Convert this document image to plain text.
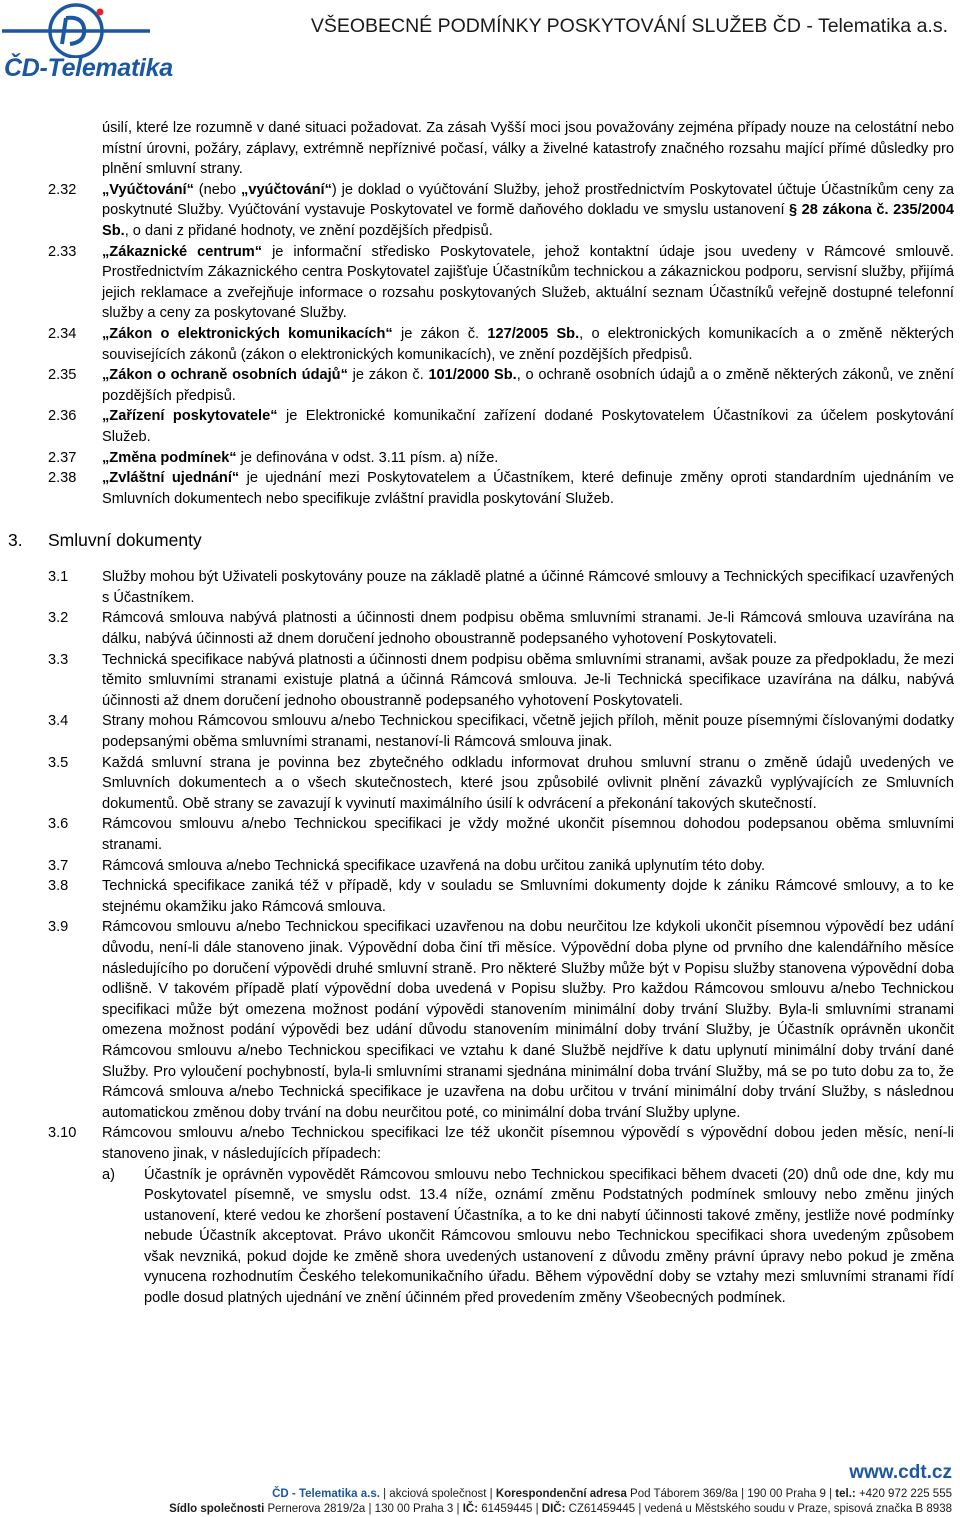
ČD-Telematika
VŠEOBECNÉ PODMÍNKY POSKYTOVÁNÍ SLUŽEB ČD - Telematika a.s.

úsilí, které lze rozumně v dané situaci požadovat. Za zásah Vyšší moci jsou považovány zejména případy nouze na celostátní nebo místní úrovni, požáry, záplavy, extrémně nepříznivé počasí, války a živelné katastrofy značného rozsahu mající přímé důsledky pro plnění smluvní strany.

2.32 „Vyúčtování“ (nebo „vyúčtování“) je doklad o vyúčtování Služby, jehož prostřednictvím Poskytovatel účtuje Účastníkům ceny za poskytnuté Služby. Vyúčtování vystavuje Poskytovatel ve formě daňového dokladu ve smyslu ustanovení § 28 zákona č. 235/2004 Sb., o dani z přidané hodnoty, ve znění pozdějších předpisů.

2.33 „Zákaznické centrum“ je informační středisko Poskytovatele, jehož kontaktní údaje jsou uvedeny v Rámcové smlouvě. Prostřednictvím Zákaznického centra Poskytovatel zajišťuje Účastníkům technickou a zákaznickou podporu, servisní služby, přijímá jejich reklamace a zveřejňuje informace o rozsahu poskytovaných Služeb, aktuální seznam Účastníků veřejně dostupné telefonní služby a ceny za poskytované Služby.

2.34 „Zákon o elektronických komunikacích“ je zákon č. 127/2005 Sb., o elektronických komunikacích a o změně některých souvisejících zákonů (zákon o elektronických komunikacích), ve znění pozdějších předpisů.

2.35 „Zákon o ochraně osobních údajů“ je zákon č. 101/2000 Sb., o ochraně osobních údajů a o změně některých zákonů, ve znění pozdějších předpisů.

2.36 „Zařízení poskytovatele“ je Elektronické komunikační zařízení dodané Poskytovatelem Účastníkovi za účelem poskytování Služeb.

2.37 „Změna podmínek“ je definována v odst. 3.11 písm. a) níže.

2.38 „Zvláštní ujednání“ je ujednání mezi Poskytovatelem a Účastníkem, které definuje změny oproti standardním ujednáním ve Smluvních dokumentech nebo specifikuje zvláštní pravidla poskytování Služeb.

3. Smluvní dokumenty

3.1 Služby mohou být Uživateli poskytovány pouze na základě platné a účinné Rámcové smlouvy a Technických specifikací uzavřených s Účastníkem.

3.2 Rámcová smlouva nabývá platnosti a účinnosti dnem podpisu oběma smluvními stranami. Je-li Rámcová smlouva uzavírána na dálku, nabývá účinnosti až dnem doručení jednoho oboustranně podepsaného vyhotovení Poskytovateli.

3.3 Technická specifikace nabývá platnosti a účinnosti dnem podpisu oběma smluvními stranami, avšak pouze za předpokladu, že mezi těmito smluvními stranami existuje platná a účinná Rámcová smlouva. Je-li Technická specifikace uzavírána na dálku, nabývá účinnosti až dnem doručení jednoho oboustranně podepsaného vyhotovení Poskytovateli.

3.4 Strany mohou Rámcovou smlouvu a/nebo Technickou specifikaci, včetně jejich příloh, měnit pouze písemnými číslovanými dodatky podepsanými oběma smluvními stranami, nestanoví-li Rámcová smlouva jinak.

3.5 Každá smluvní strana je povinna bez zbytečného odkladu informovat druhou smluvní stranu o změně údajů uvedených ve Smluvních dokumentech a o všech skutečnostech, které jsou způsobilé ovlivnit plnění závazků vyplývajících ze Smluvních dokumentů. Obě strany se zavazují k vyvinutí maximálního úsilí k odvrácení a překonání takových skutečností.

3.6 Rámcovou smlouvu a/nebo Technickou specifikaci je vždy možné ukončit písemnou dohodou podepsanou oběma smluvními stranami.

3.7 Rámcová smlouva a/nebo Technická specifikace uzavřená na dobu určitou zaniká uplynutím této doby.

3.8 Technická specifikace zaniká též v případě, kdy v souladu se Smluvními dokumenty dojde k zániku Rámcové smlouvy, a to ke stejnému okamžiku jako Rámcová smlouva.

3.9 Rámcovou smlouvu a/nebo Technickou specifikaci uzavřenou na dobu neurčitou lze kdykoli ukončit písemnou výpovědí bez udání důvodu, není-li dále stanoveno jinak. Výpovědní doba činí tři měsíce. Výpovědní doba plyne od prvního dne kalendářního měsíce následujícího po doručení výpovědi druhé smluvní straně. Pro některé Služby může být v Popisu služby stanovena výpovědní doba odlišně. V takovém případě platí výpovědní doba uvedená v Popisu služby. Pro každou Rámcovou smlouvu a/nebo Technickou specifikaci může být omezena možnost podání výpovědi stanovením minimální doby trvání Služby. Byla-li smluvními stranami omezena možnost podání výpovědi bez udání důvodu stanovením minimální doby trvání Služby, je Účastník oprávněn ukončit Rámcovou smlouvu a/nebo Technickou specifikaci ve vztahu k dané Službě nejdříve k datu uplynutí minimální doby trvání dané Služby. Pro vyloučení pochybností, byla-li smluvními stranami sjednána minimální doba trvání Služby, má se po tuto dobu za to, že Rámcová smlouva a/nebo Technická specifikace je uzavřena na dobu určitou v trvání minimální doby trvání Služby, s následnou automatickou změnou doby trvání na dobu neurčitou poté, co minimální doba trvání Služby uplyne.

3.10 Rámcovou smlouvu a/nebo Technickou specifikaci lze též ukončit písemnou výpovědí s výpovědní dobou jeden měsíc, není-li stanoveno jinak, v následujících případech:

a) Účastník je oprávněn vypovědět Rámcovou smlouvu nebo Technickou specifikaci během dvaceti (20) dnů ode dne, kdy mu Poskytovatel písemně, ve smyslu odst. 13.4 níže, oznámí změnu Podstatných podmínek smlouvy nebo změnu jiných ustanovení, které vedou ke zhoršení postavení Účastníka, a to ke dni nabytí účinnosti takové změny, jestliže nové podmínky nebude Účastník akceptovat. Právo ukončit Rámcovou smlouvu nebo Technickou specifikaci shora uvedeným způsobem však nevzniká, pokud dojde ke změně shora uvedených ustanovení z důvodu změny právní úpravy nebo pokud je změna vynucena rozhodnutím Českého telekomunikačního úřadu. Během výpovědní doby se vztahy mezi smluvními stranami řídí podle dosud platných ujednání ve znění účinném před provedením změny Všeobecných podmínek.
www.cdt.cz
ČD - Telematika a.s. | akciová společnost | Korespondenční adresa Pod Táborem 369/8a | 190 00 Praha 9 | tel.: +420 972 225 555
Sídlo společnosti Pernerova 2819/2a | 130 00 Praha 3 | IČ: 61459445 | DIČ: CZ61459445 | vedená u Městského soudu v Praze, spisová značka B 8938
